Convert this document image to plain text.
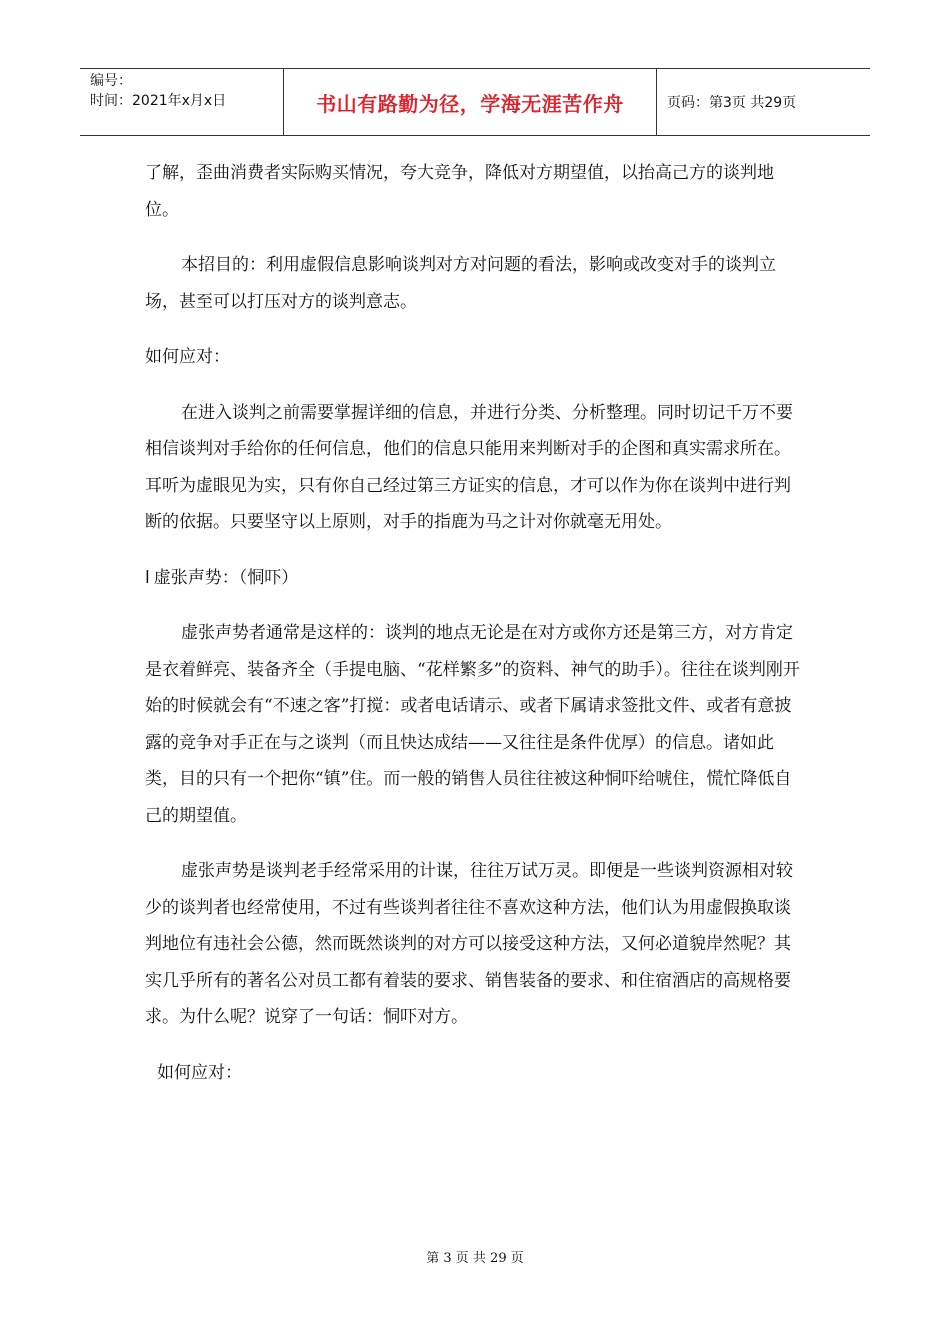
编号：
时间：2021年x月x日	书山有路勤为径，学海无涯苦作舟	页码：第3页 共29页

了解，歪曲消费者实际购买情况，夸大竞争，降低对方期望值，以抬高己方的谈判地位。

本招目的：利用虚假信息影响谈判对方对问题的看法，影响或改变对手的谈判立场，甚至可以打压对方的谈判意志。

如何应对：

在进入谈判之前需要掌握详细的信息，并进行分类、分析整理。同时切记千万不要相信谈判对手给你的任何信息，他们的信息只能用来判断对手的企图和真实需求所在。耳听为虚眼见为实，只有你自己经过第三方证实的信息，才可以作为你在谈判中进行判断的依据。只要坚守以上原则，对手的指鹿为马之计对你就毫无用处。

l 虚张声势：（恫吓）

虚张声势者通常是这样的：谈判的地点无论是在对方或你方还是第三方，对方肯定是衣着鲜亮、装备齐全（手提电脑、“花样繁多”的资料、神气的助手）。往往在谈判刚开始的时候就会有“不速之客”打搅：或者电话请示、或者下属请求签批文件、或者有意披露的竞争对手正在与之谈判（而且快达成结——又往往是条件优厚）的信息。诸如此类，目的只有一个把你“镇”住。而一般的销售人员往往被这种恫吓给唬住，慌忙降低自己的期望值。

虚张声势是谈判老手经常采用的计谋，往往万试万灵。即便是一些谈判资源相对较少的谈判者也经常使用，不过有些谈判者往往不喜欢这种方法，他们认为用虚假换取谈判地位有违社会公德，然而既然谈判的对方可以接受这种方法，又何必道貌岸然呢？其实几乎所有的著名公对员工都有着装的要求、销售装备的要求、和住宿酒店的高规格要求。为什么呢？说穿了一句话：恫吓对方。

如何应对：

第 3 页 共 29 页
